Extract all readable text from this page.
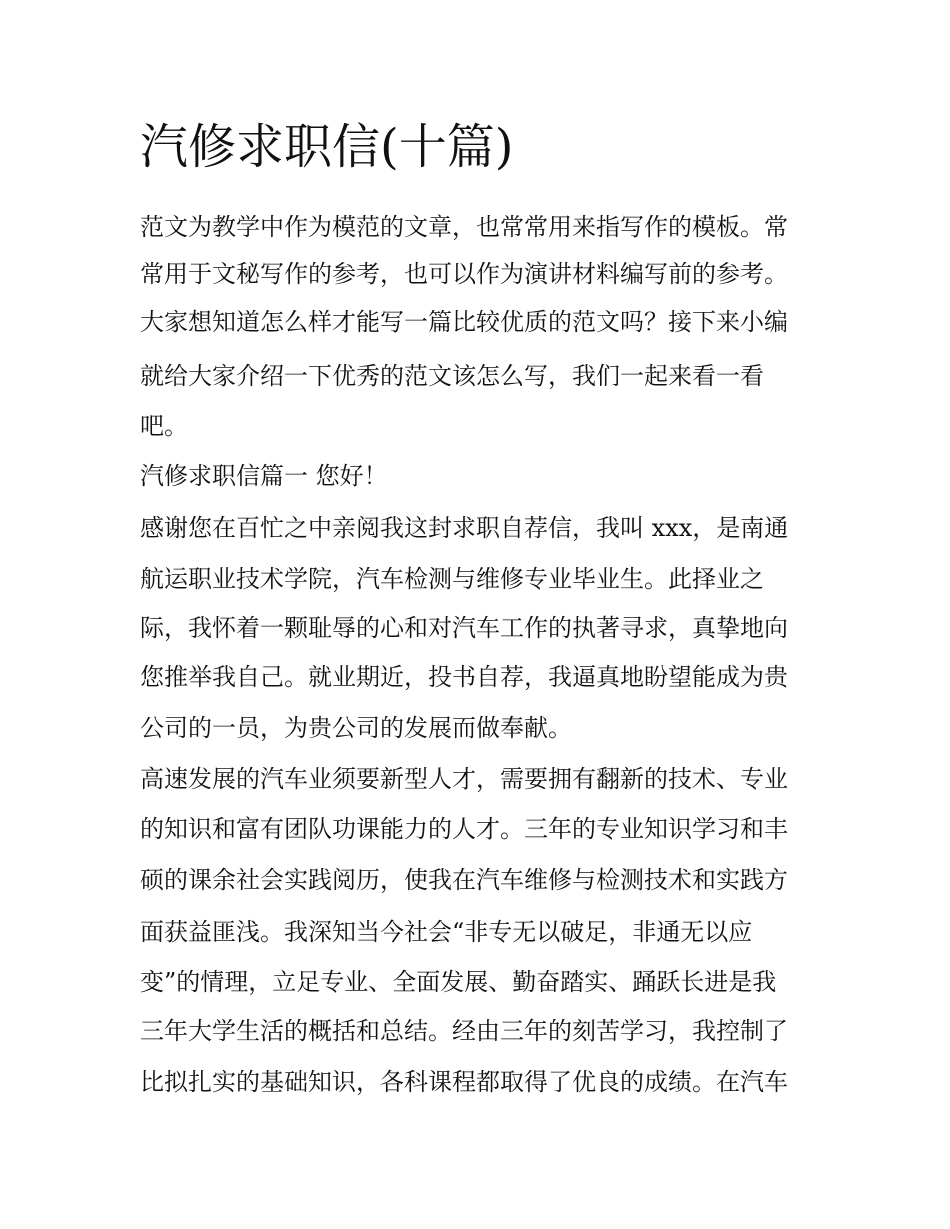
汽修求职信(十篇)

范文为教学中作为模范的文章，也常常用来指写作的模板。常

常用于文秘写作的参考，也可以作为演讲材料编写前的参考。

大家想知道怎么样才能写一篇比较优质的范文吗？接下来小编

就给大家介绍一下优秀的范文该怎么写，我们一起来看一看

吧。

汽修求职信篇一 您好！

感谢您在百忙之中亲阅我这封求职自荐信，我叫 xxx，是南通

航运职业技术学院，汽车检测与维修专业毕业生。此择业之

际，我怀着一颗耻辱的心和对汽车工作的执著寻求，真挚地向

您推举我自己。就业期近，投书自荐，我逼真地盼望能成为贵

公司的一员，为贵公司的发展而做奉献。

高速发展的汽车业须要新型人才，需要拥有翻新的技术、专业

的知识和富有团队功课能力的人才。三年的专业知识学习和丰

硕的课余社会实践阅历，使我在汽车维修与检测技术和实践方

面获益匪浅。我深知当今社会“非专无以破足，非通无以应

变”的情理，立足专业、全面发展、勤奋踏实、踊跃长进是我

三年大学生活的概括和总结。经由三年的刻苦学习，我控制了

比拟扎实的基础知识，各科课程都取得了优良的成绩。在汽车
